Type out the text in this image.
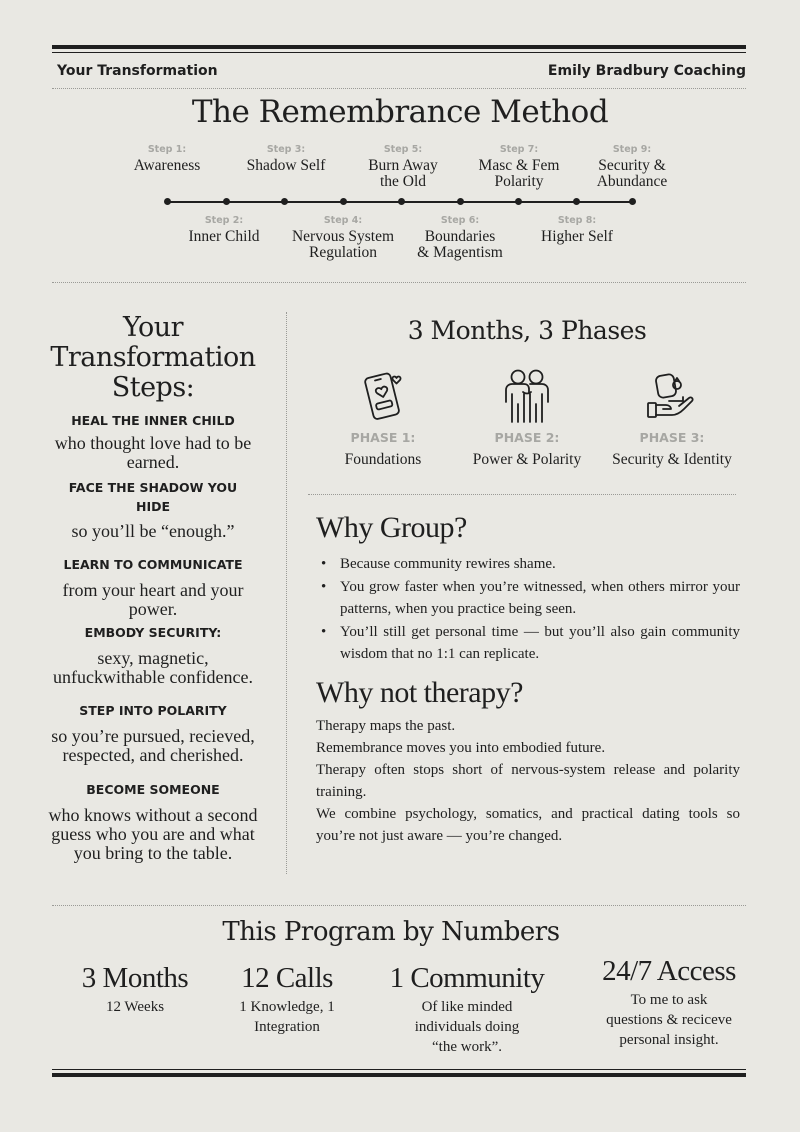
Your Transformation	Emily Bradbury Coaching
The Remembrance Method
Step 1:
Awareness
Step 3:
Shadow Self
Step 5:
Burn Away
the Old
Step 7:
Masc & Fem
Polarity
Step 9:
Security &
Abundance
Step 2:
Inner Child
Step 4:
Nervous System
Regulation
Step 6:
Boundaries
& Magentism
Step 8:
Higher Self
Your
Transformation
Steps:
HEAL THE INNER CHILD
who thought love had to be earned.
FACE THE SHADOW YOU HIDE
so you’ll be “enough.”
LEARN TO COMMUNICATE
from your heart and your power.
EMBODY SECURITY:
sexy, magnetic, unfuckwithable confidence.
STEP INTO POLARITY
so you’re pursued, recieved, respected, and cherished.
BECOME SOMEONE
who knows without a second guess who you are and what you bring to the table.
3 Months, 3 Phases
PHASE 1:
Foundations
PHASE 2:
Power & Polarity
PHASE 3:
Security & Identity
Why Group?
• Because community rewires shame.
• You grow faster when you’re witnessed, when others mirror your patterns, when you practice being seen.
• You’ll still get personal time — but you’ll also gain community wisdom that no 1:1 can replicate.
Why not therapy?

Therapy maps the past.

Remembrance moves you into embodied future.

Therapy often stops short of nervous-system release and polarity training.

We combine psychology, somatics, and practical dating tools so you’re not just aware — you’re changed.

This Program by Numbers
3 Months
12 Weeks
12 Calls
1 Knowledge, 1
Integration
1 Community
Of like minded
individuals doing
“the work”.
24/7 Access
To me to ask
questions & reciceve
personal insight.
